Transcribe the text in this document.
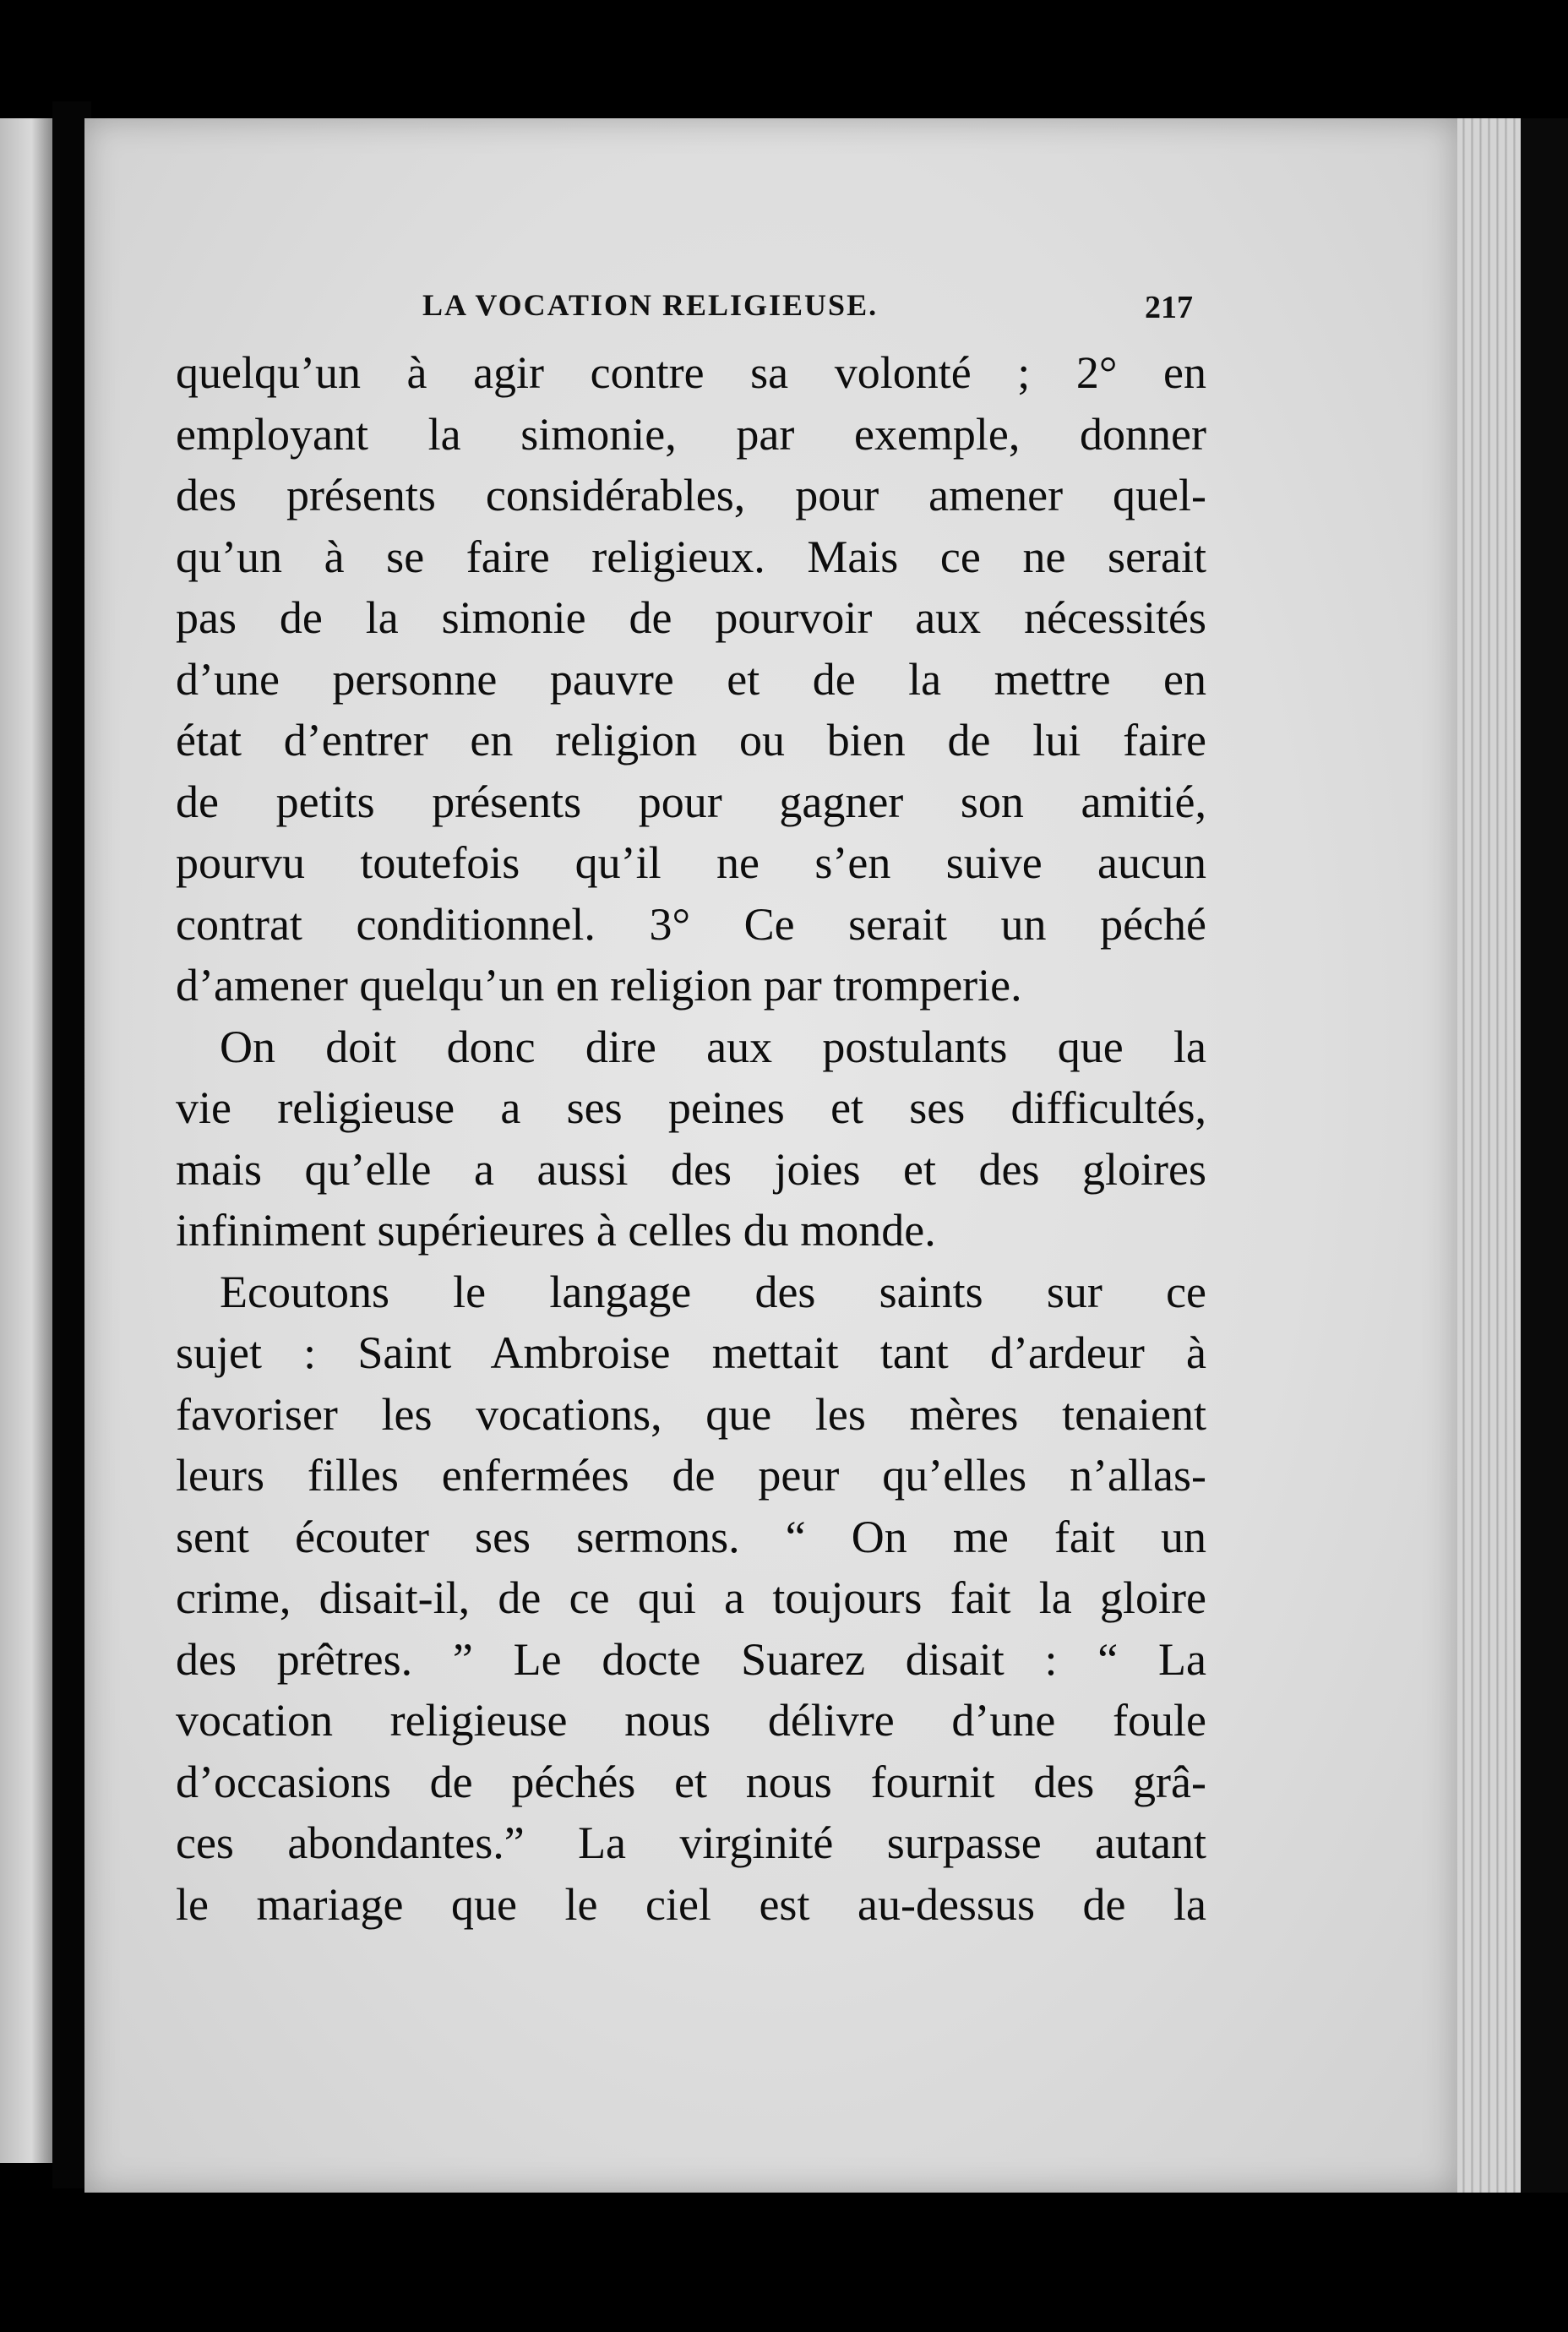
LA VOCATION RELIGIEUSE.	217
quelqu’un à agir contre sa volonté ; 2° en
employant la simonie, par exemple, donner
des présents considérables, pour amener quel-
qu’un à se faire religieux. Mais ce ne serait
pas de la simonie de pourvoir aux nécessités
d’une personne pauvre et de la mettre en
état d’entrer en religion ou bien de lui faire
de petits présents pour gagner son amitié,
pourvu toutefois qu’il ne s’en suive aucun
contrat conditionnel. 3° Ce serait un péché
d’amener quelqu’un en religion par tromperie.
On doit donc dire aux postulants que la
vie religieuse a ses peines et ses difficultés,
mais qu’elle a aussi des joies et des gloires
infiniment supérieures à celles du monde.
Ecoutons le langage des saints sur ce
sujet : Saint Ambroise mettait tant d’ardeur à
favoriser les vocations, que les mères tenaient
leurs filles enfermées de peur qu’elles n’allas-
sent écouter ses sermons. “ On me fait un
crime, disait-il, de ce qui a toujours fait la gloire
des prêtres. ” Le docte Suarez disait : “ La
vocation religieuse nous délivre d’une foule
d’occasions de péchés et nous fournit des grâ-
ces abondantes.” La virginité surpasse autant
le mariage que le ciel est au-dessus de la
